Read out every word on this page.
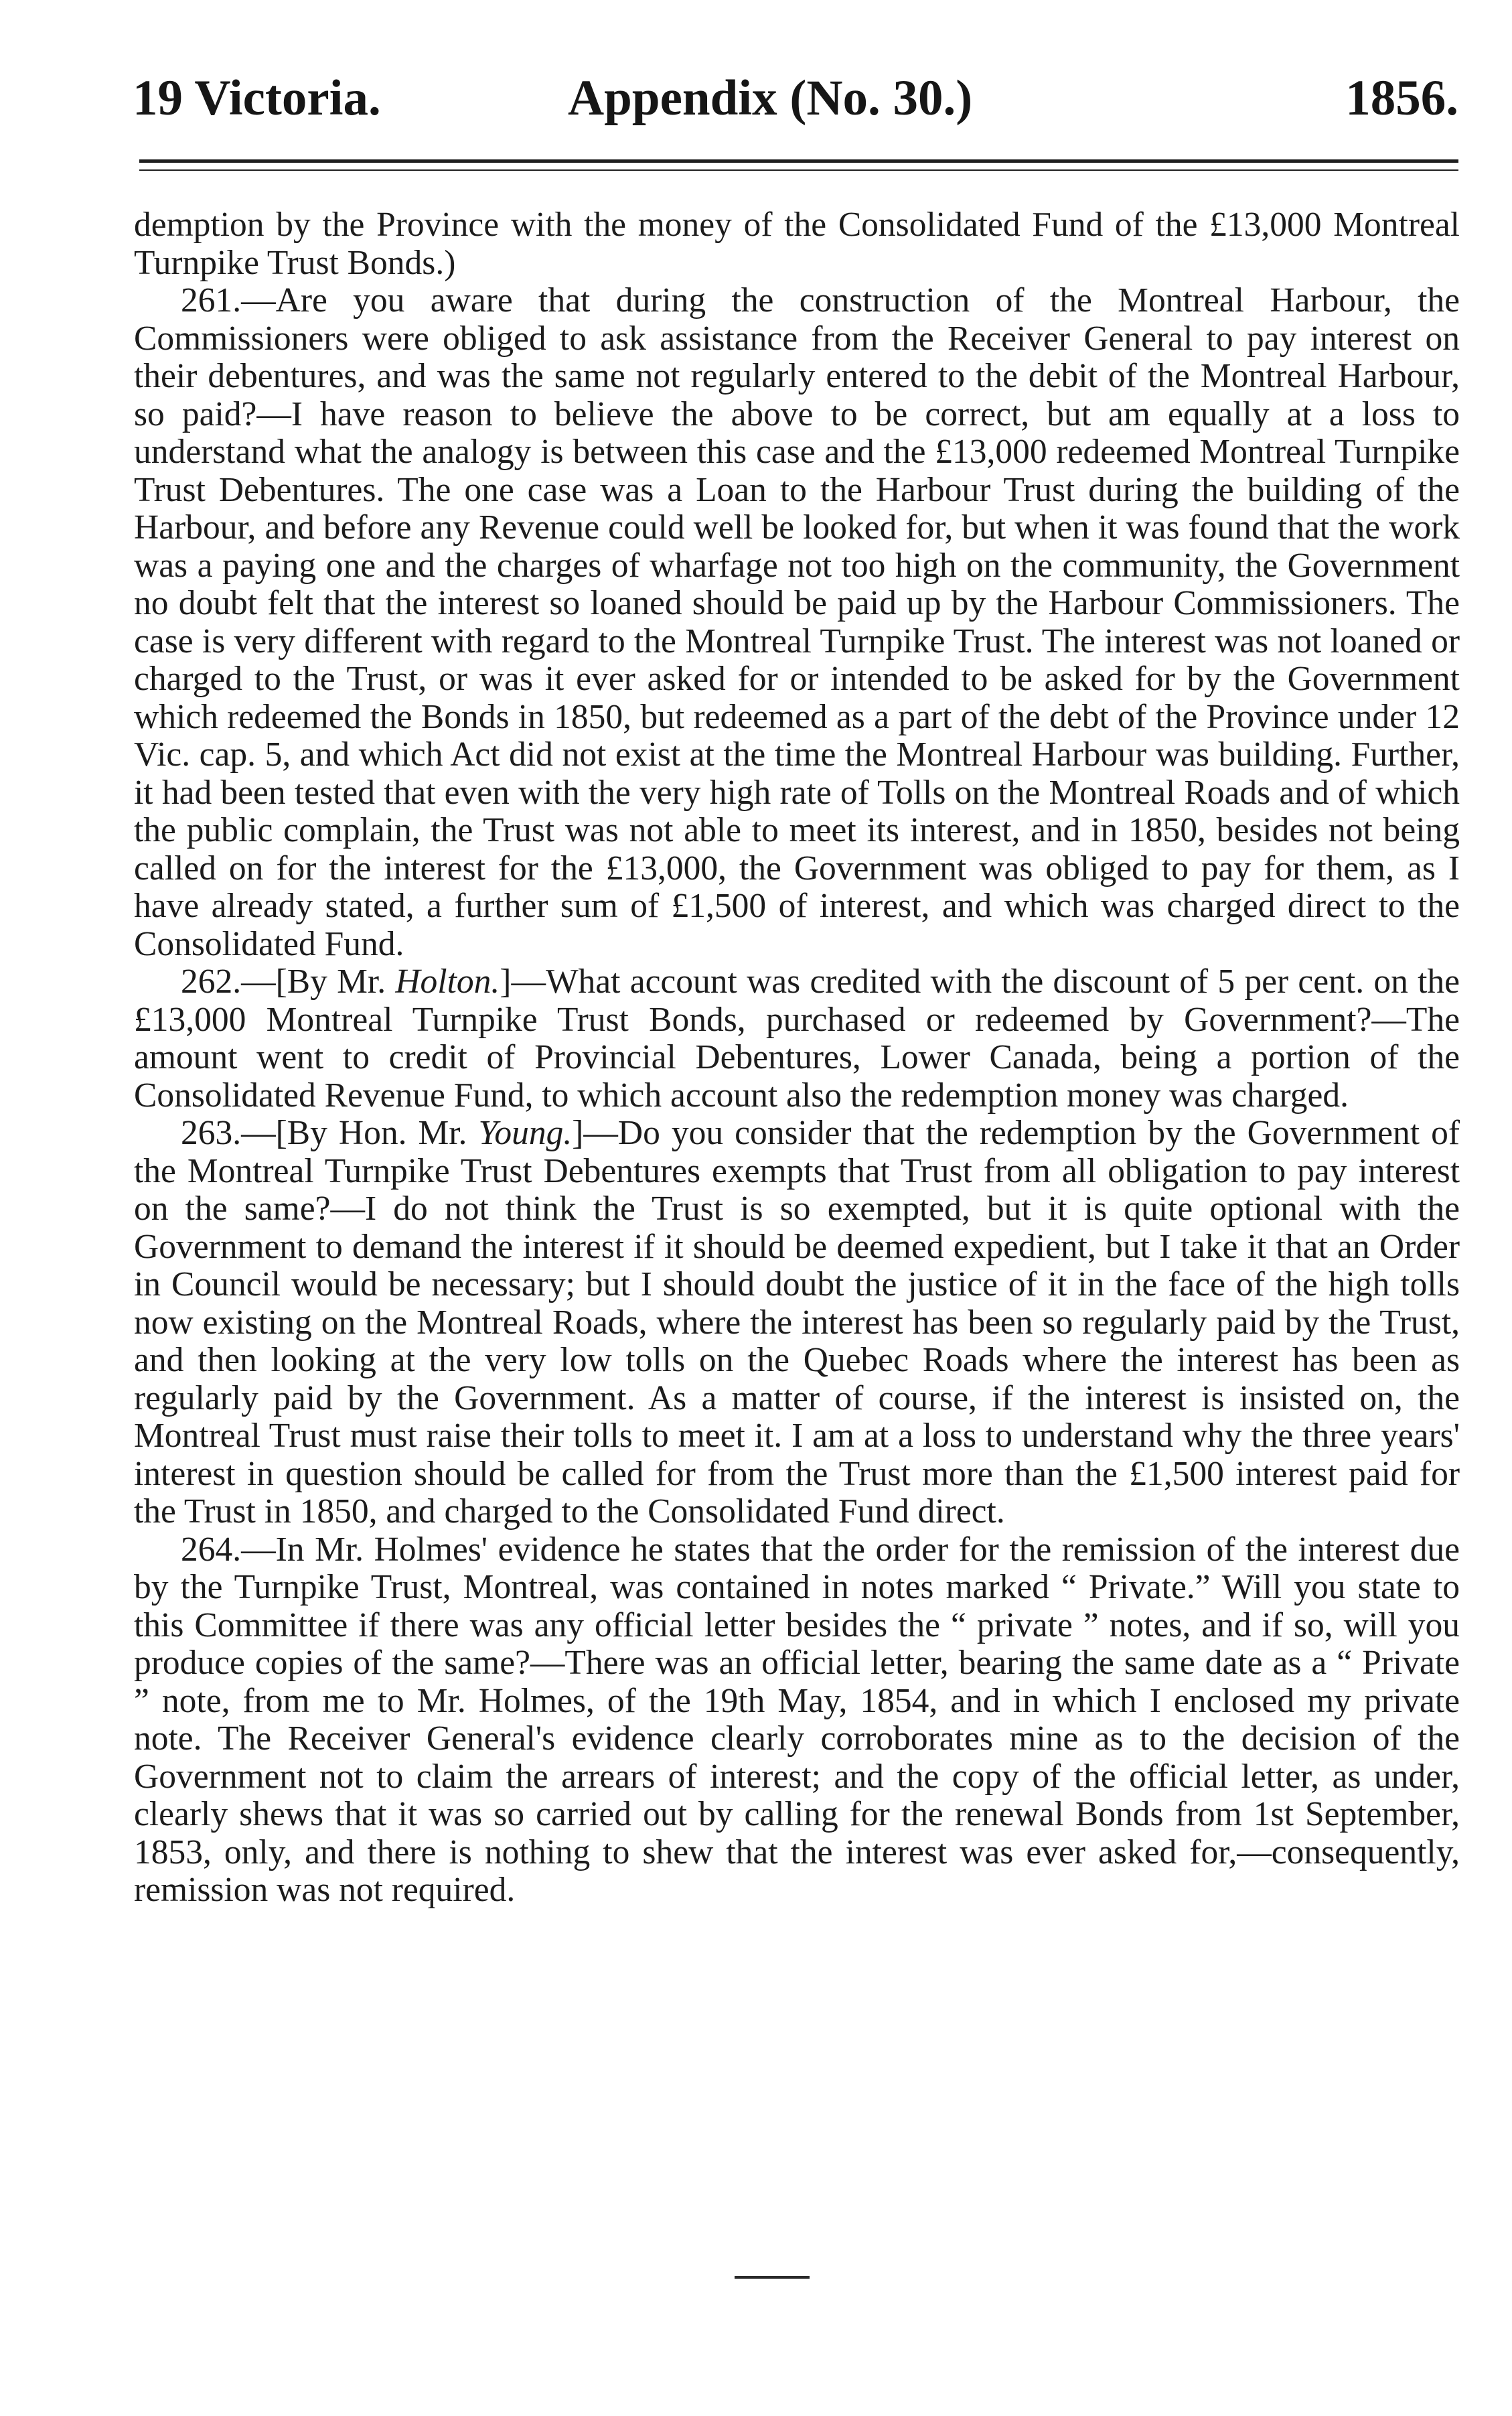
19 Victoria.	Appendix (No. 30.)	1856.

demption by the Province with the money of the Consolidated Fund of the £13,000 Montreal Turnpike Trust Bonds.)

261.—Are you aware that during the construction of the Montreal Harbour, the Commissioners were obliged to ask assistance from the Receiver General to pay interest on their debentures, and was the same not regularly entered to the debit of the Montreal Harbour, so paid?—I have reason to believe the above to be correct, but am equally at a loss to understand what the analogy is between this case and the £13,000 redeemed Montreal Turnpike Trust Debentures. The one case was a Loan to the Harbour Trust during the building of the Harbour, and before any Revenue could well be looked for, but when it was found that the work was a paying one and the charges of wharfage not too high on the community, the Government no doubt felt that the interest so loaned should be paid up by the Harbour Commissioners. The case is very different with regard to the Montreal Turnpike Trust. The interest was not loaned or charged to the Trust, or was it ever asked for or intended to be asked for by the Government which redeemed the Bonds in 1850, but redeemed as a part of the debt of the Province under 12 Vic. cap. 5, and which Act did not exist at the time the Montreal Harbour was building. Further, it had been tested that even with the very high rate of Tolls on the Montreal Roads and of which the public complain, the Trust was not able to meet its interest, and in 1850, besides not being called on for the interest for the £13,000, the Government was obliged to pay for them, as I have already stated, a further sum of £1,500 of interest, and which was charged direct to the Consolidated Fund.

262.—[By Mr. Holton.]—What account was credited with the discount of 5 per cent. on the £13,000 Montreal Turnpike Trust Bonds, purchased or redeemed by Government?—The amount went to credit of Provincial Debentures, Lower Canada, being a portion of the Consolidated Revenue Fund, to which account also the redemption money was charged.

263.—[By Hon. Mr. Young.]—Do you consider that the redemption by the Government of the Montreal Turnpike Trust Debentures exempts that Trust from all obligation to pay interest on the same?—I do not think the Trust is so exempted, but it is quite optional with the Government to demand the interest if it should be deemed expedient, but I take it that an Order in Council would be necessary; but I should doubt the justice of it in the face of the high tolls now existing on the Montreal Roads, where the interest has been so regularly paid by the Trust, and then looking at the very low tolls on the Quebec Roads where the interest has been as regularly paid by the Government. As a matter of course, if the interest is insisted on, the Montreal Trust must raise their tolls to meet it. I am at a loss to understand why the three years' interest in question should be called for from the Trust more than the £1,500 interest paid for the Trust in 1850, and charged to the Consolidated Fund direct.

264.—In Mr. Holmes' evidence he states that the order for the remission of the interest due by the Turnpike Trust, Montreal, was contained in notes marked “ Private.” Will you state to this Committee if there was any official letter besides the “ private ” notes, and if so, will you produce copies of the same?—There was an official letter, bearing the same date as a “ Private ” note, from me to Mr. Holmes, of the 19th May, 1854, and in which I enclosed my private note. The Receiver General's evidence clearly corroborates mine as to the decision of the Government not to claim the arrears of interest; and the copy of the official letter, as under, clearly shews that it was so carried out by calling for the renewal Bonds from 1st September, 1853, only, and there is nothing to shew that the interest was ever asked for,—consequently, remission was not required.
